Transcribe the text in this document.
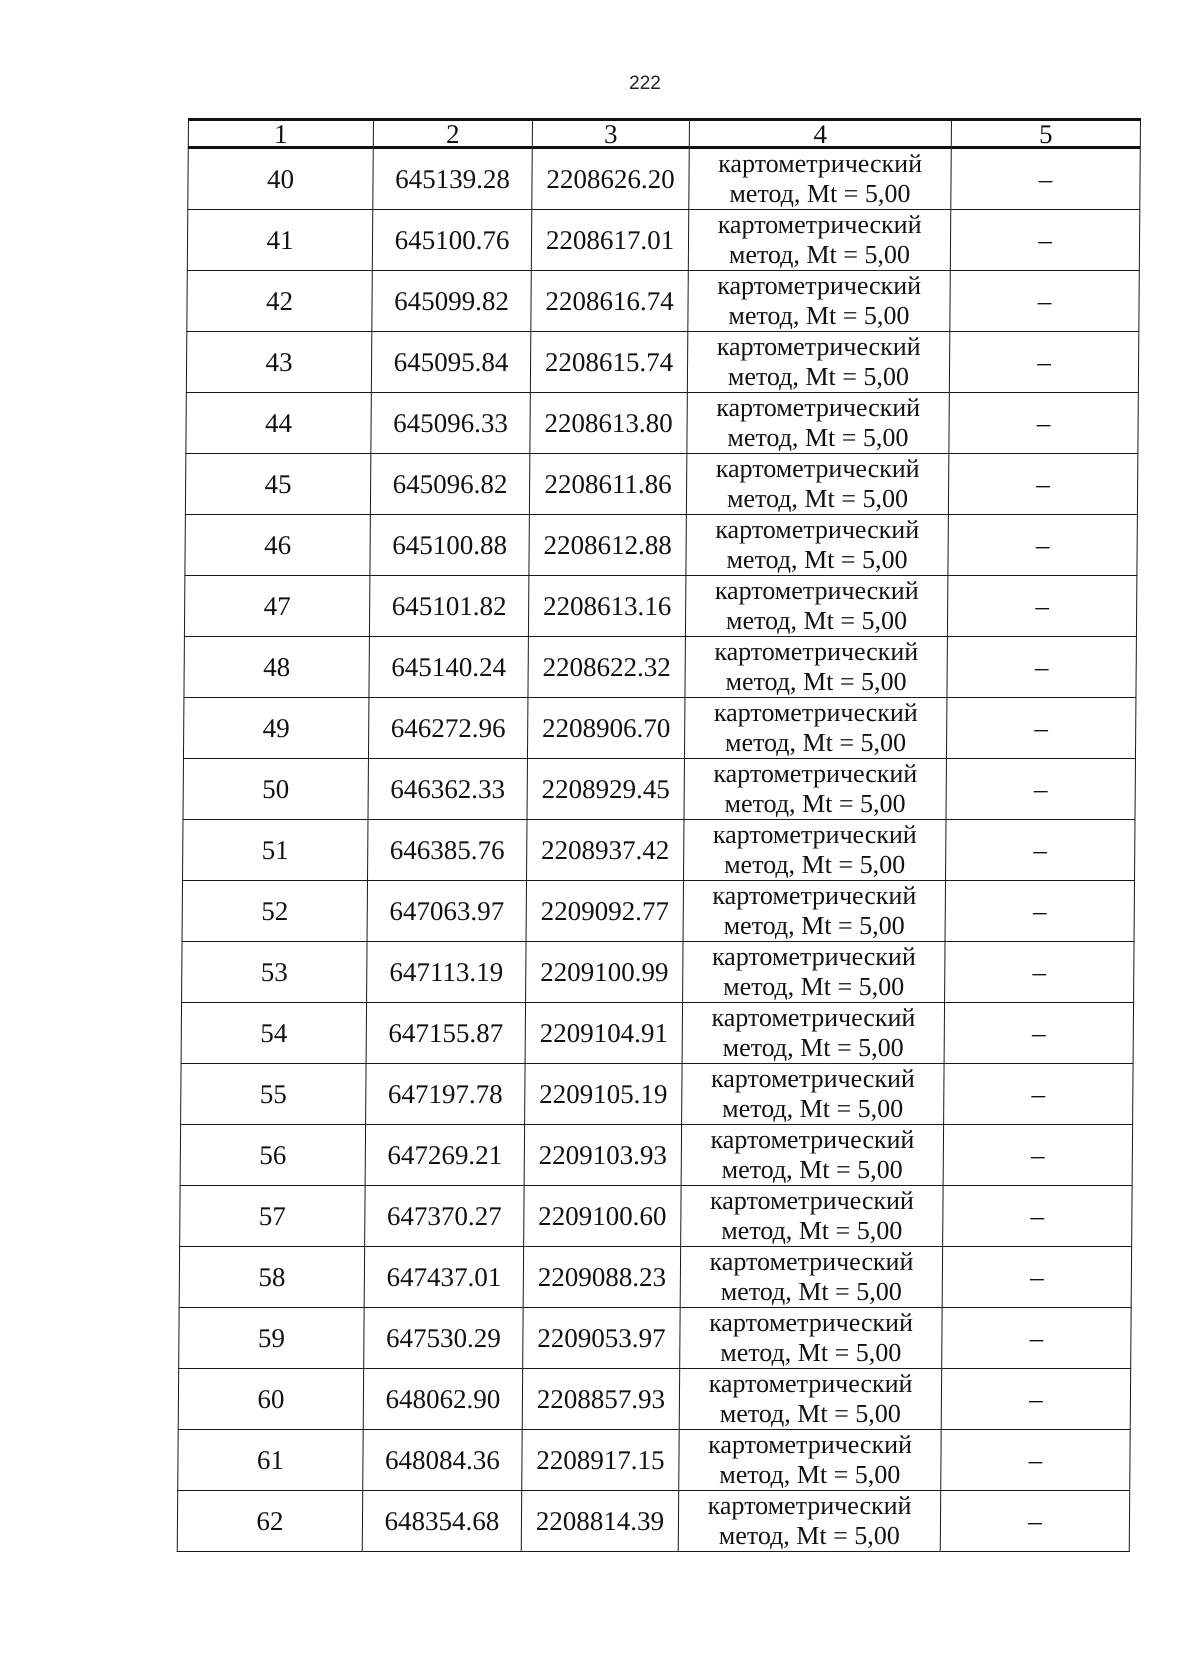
222
1	2	3	4	5
40	645139.28	2208626.20	картометрический
метод, Mt = 5,00	–
41	645100.76	2208617.01	картометрический
метод, Mt = 5,00	–
42	645099.82	2208616.74	картометрический
метод, Mt = 5,00	–
43	645095.84	2208615.74	картометрический
метод, Mt = 5,00	–
44	645096.33	2208613.80	картометрический
метод, Mt = 5,00	–
45	645096.82	2208611.86	картометрический
метод, Mt = 5,00	–
46	645100.88	2208612.88	картометрический
метод, Mt = 5,00	–
47	645101.82	2208613.16	картометрический
метод, Mt = 5,00	–
48	645140.24	2208622.32	картометрический
метод, Mt = 5,00	–
49	646272.96	2208906.70	картометрический
метод, Mt = 5,00	–
50	646362.33	2208929.45	картометрический
метод, Mt = 5,00	–
51	646385.76	2208937.42	картометрический
метод, Mt = 5,00	–
52	647063.97	2209092.77	картометрический
метод, Mt = 5,00	–
53	647113.19	2209100.99	картометрический
метод, Mt = 5,00	–
54	647155.87	2209104.91	картометрический
метод, Mt = 5,00	–
55	647197.78	2209105.19	картометрический
метод, Mt = 5,00	–
56	647269.21	2209103.93	картометрический
метод, Mt = 5,00	–
57	647370.27	2209100.60	картометрический
метод, Mt = 5,00	–
58	647437.01	2209088.23	картометрический
метод, Mt = 5,00	–
59	647530.29	2209053.97	картометрический
метод, Mt = 5,00	–
60	648062.90	2208857.93	картометрический
метод, Mt = 5,00	–
61	648084.36	2208917.15	картометрический
метод, Mt = 5,00	–
62	648354.68	2208814.39	картометрический
метод, Mt = 5,00	–
